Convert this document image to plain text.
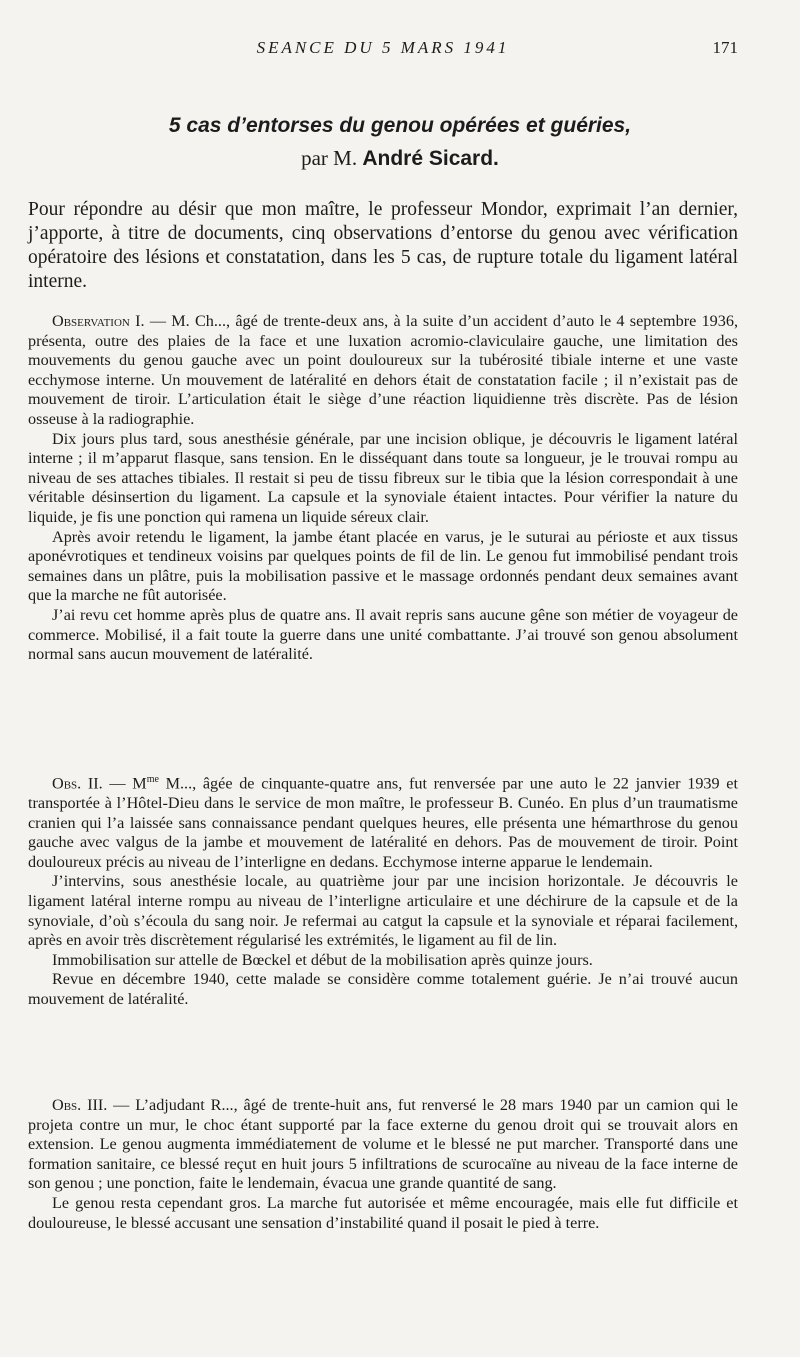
SEANCE DU 5 MARS 1941	171
5 cas d’entorses du genou opérées et guéries,
par M. André Sicard.
Pour répondre au désir que mon maître, le professeur Mondor, exprimait l’an dernier, j’apporte, à titre de documents, cinq observations d’entorse du genou avec vérification opératoire des lésions et constatation, dans les 5 cas, de rupture totale du ligament latéral interne.

Observation I. — M. Ch..., âgé de trente-deux ans, à la suite d’un accident d’auto le 4 septembre 1936, présenta, outre des plaies de la face et une luxation acromio-claviculaire gauche, une limitation des mouvements du genou gauche avec un point douloureux sur la tubérosité tibiale interne et une vaste ecchymose interne. Un mouvement de latéralité en dehors était de constatation facile ; il n’existait pas de mouvement de tiroir. L’articulation était le siège d’une réaction liquidienne très discrète. Pas de lésion osseuse à la radiographie.

Dix jours plus tard, sous anesthésie générale, par une incision oblique, je découvris le ligament latéral interne ; il m’apparut flasque, sans tension. En le disséquant dans toute sa longueur, je le trouvai rompu au niveau de ses attaches tibiales. Il restait si peu de tissu fibreux sur le tibia que la lésion correspondait à une véritable désinsertion du ligament. La capsule et la synoviale étaient intactes. Pour vérifier la nature du liquide, je fis une ponction qui ramena un liquide séreux clair.

Après avoir retendu le ligament, la jambe étant placée en varus, je le suturai au périoste et aux tissus aponévrotiques et tendineux voisins par quelques points de fil de lin. Le genou fut immobilisé pendant trois semaines dans un plâtre, puis la mobilisation passive et le massage ordonnés pendant deux semaines avant que la marche ne fût autorisée.

J’ai revu cet homme après plus de quatre ans. Il avait repris sans aucune gêne son métier de voyageur de commerce. Mobilisé, il a fait toute la guerre dans une unité combattante. J’ai trouvé son genou absolument normal sans aucun mouvement de latéralité.

Obs. II. — $M^{me}$ M..., âgée de cinquante-quatre ans, fut renversée par une auto le 22 janvier 1939 et transportée à l’Hôtel-Dieu dans le service de mon maître, le professeur B. Cunéo. En plus d’un traumatisme cranien qui l’a laissée sans connaissance pendant quelques heures, elle présenta une hémarthrose du genou gauche avec valgus de la jambe et mouvement de latéralité en dehors. Pas de mouvement de tiroir. Point douloureux précis au niveau de l’interligne en dedans. Ecchymose interne apparue le lendemain.

J’intervins, sous anesthésie locale, au quatrième jour par une incision horizontale. Je découvris le ligament latéral interne rompu au niveau de l’interligne articulaire et une déchirure de la capsule et de la synoviale, d’où s’écoula du sang noir. Je refermai au catgut la capsule et la synoviale et réparai facilement, après en avoir très discrètement régularisé les extrémités, le ligament au fil de lin.

Immobilisation sur attelle de Bœckel et début de la mobilisation après quinze jours.

Revue en décembre 1940, cette malade se considère comme totalement guérie. Je n’ai trouvé aucun mouvement de latéralité.

Obs. III. — L’adjudant R..., âgé de trente-huit ans, fut renversé le 28 mars 1940 par un camion qui le projeta contre un mur, le choc étant supporté par la face externe du genou droit qui se trouvait alors en extension. Le genou augmenta immédiatement de volume et le blessé ne put marcher. Transporté dans une formation sanitaire, ce blessé reçut en huit jours 5 infiltrations de scurocaïne au niveau de la face interne de son genou ; une ponction, faite le lendemain, évacua une grande quantité de sang.

Le genou resta cependant gros. La marche fut autorisée et même encouragée, mais elle fut difficile et douloureuse, le blessé accusant une sensation d’instabilité quand il posait le pied à terre.
